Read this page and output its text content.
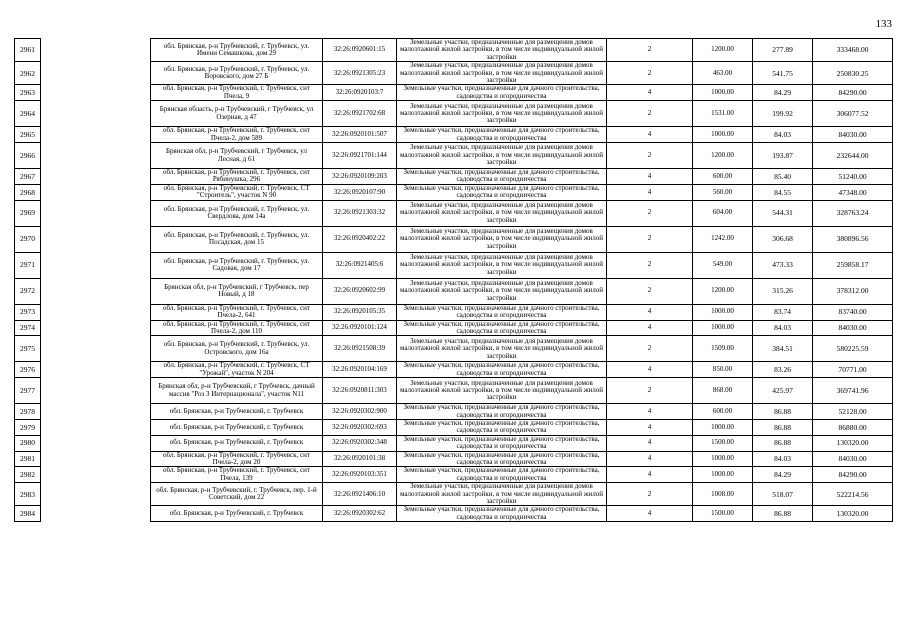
133
2961		обл. Брянская, р-н Трубчевский, г. Трубчевск, ул. Имени Семашкова, дом 29	32:26:0920601:15	Земельные участки, предназначенные для размещения домов малоэтажной жилой застройки, в том числе индивидуальной жилой застройки	2	1200.00	277.89	333468.00
2962		обл. Брянская, р-н Трубчевский, г. Трубчевск, ул. Воровского, дом 27 Б	32:26:0921305:23	Земельные участки, предназначенные для размещения домов малоэтажной жилой застройки, в том числе индивидуальной жилой застройки	2	463.00	541.75	250830.25
2963		обл. Брянская, р-н Трубчевский, г. Трубчевск, снт Пчела, 9	32:26:0920103:7	Земельные участки, предназначенные для дачного строительства, садоводства и огородничества	4	1000.00	84.29	84290.00
2964		Брянская область, р-н Трубчевский, г Трубчевск, ул Озерная, д 47	32:26:0921702:68	Земельные участки, предназначенные для размещения домов малоэтажной жилой застройки, в том числе индивидуальной жилой застройки	2	1531.00	199.92	306077.52
2965		обл. Брянская, р-н Трубчевский, г. Трубчевск, снт Пчела-2, дом 589	32:26:0920101:507	Земельные участки, предназначенные для дачного строительства, садоводства и огородничества	4	1000.00	84.03	84030.00
2966		Брянская обл, р-н Трубчевский, г Трубчевск, ул Лесная, д 61	32:26:0921701:144	Земельные участки, предназначенные для размещения домов малоэтажной жилой застройки, в том числе индивидуальной жилой застройки	2	1200.00	193.87	232644.00
2967		обл. Брянская, р-н Трубчевский, г. Трубчевск, снт Рябинушка, 296	32:26:0920109:203	Земельные участки, предназначенные для дачного строительства, садоводства и огородничества	4	600.00	85.40	51240.00
2968		обл. Брянская, р-н Трубчевский, г. Трубчевск, СТ "Строитель", участок N 90	32:26:0920107:90	Земельные участки, предназначенные для дачного строительства, садоводства и огородничества	4	560.00	84.55	47348.00
2969		обл. Брянская, р-н Трубчевский, г. Трубчевск, ул. Свердлова, дом 14а	32:26:0921303:32	Земельные участки, предназначенные для размещения домов малоэтажной жилой застройки, в том числе индивидуальной жилой застройки	2	604.00	544.31	328763.24
2970		обл. Брянская, р-н Трубчевский, г. Трубчевск, ул. Посадская, дом 15	32:26:0920402:22	Земельные участки, предназначенные для размещения домов малоэтажной жилой застройки, в том числе индивидуальной жилой застройки	2	1242.00	306.68	380896.56
2971		обл. Брянская, р-н Трубчевский, г. Трубчевск, ул. Садовая, дом 17	32:26:0921405:6	Земельные участки, предназначенные для размещения домов малоэтажной жилой застройки, в том числе индивидуальной жилой застройки	2	549.00	473.33	259858.17
2972		Брянская обл, р-н Трубчевский, г Трубчевск, пер Новый, д 18	32:26:0920602:99	Земельные участки, предназначенные для размещения домов малоэтажной жилой застройки, в том числе индивидуальной жилой застройки	2	1200.00	315.26	378312.00
2973		обл. Брянская, р-н Трубчевский, г. Трубчевск, снт Пчела-2, 641	32:26:0920105:35	Земельные участки, предназначенные для дачного строительства, садоводства и огородничества	4	1000.00	83.74	83740.00
2974		обл. Брянская, р-н Трубчевский, г. Трубчевск, снт Пчела-2, дом 110	32:26:0920101:124	Земельные участки, предназначенные для дачного строительства, садоводства и огородничества	4	1000.00	84.03	84030.00
2975		обл. Брянская, р-н Трубчевский, г. Трубчевск, ул. Островского, дом 16а	32:26:0921508:39	Земельные участки, предназначенные для размещения домов малоэтажной жилой застройки, в том числе индивидуальной жилой застройки	2	1509.00	384.51	580225.59
2976		обл. Брянская, р-н Трубчевский, г. Трубчевск, СТ "Урожай", участок N 204	32:26:0920104:169	Земельные участки, предназначенные для дачного строительства, садоводства и огородничества	4	850.00	83.26	70771.00
2977		Брянская обл, р-н Трубчевский, г Трубчевск, дачный массив "Роз 3 Интернационала", участок N11	32:26:0920811:303	Земельные участки, предназначенные для размещения домов малоэтажной жилой застройки, в том числе индивидуальной жилой застройки	2	868.00	425.97	369741.96
2978		обл. Брянская, р-н Трубчевский, г. Трубчевск	32:26:0920302:900	Земельные участки, предназначенные для дачного строительства, садоводства и огородничества	4	600.00	86.88	52128.00
2979		обл. Брянская, р-н Трубчевский, г. Трубчевск	32:26:0920302:693	Земельные участки, предназначенные для дачного строительства, садоводства и огородничества	4	1000.00	86.88	86880.00
2980		обл. Брянская, р-н Трубчевский, г. Трубчевск	32:26:0920302:348	Земельные участки, предназначенные для дачного строительства, садоводства и огородничества	4	1500.00	86.88	130320.00
2981		обл. Брянская, р-н Трубчевский, г. Трубчевск, снт Пчела-2, дом 20	32:26:0920101:38	Земельные участки, предназначенные для дачного строительства, садоводства и огородничества	4	1000.00	84.03	84030.00
2982		обл. Брянская, р-н Трубчевский, г. Трубчевск, снт Пчела, 139	32:26:0920103:351	Земельные участки, предназначенные для дачного строительства, садоводства и огородничества	4	1000.00	84.29	84290.00
2983		обл. Брянская, р-н Трубчевский, г. Трубчевск, пер. 1-й Советский, дом 22	32:26:0921406:10	Земельные участки, предназначенные для размещения домов малоэтажной жилой застройки, в том числе индивидуальной жилой застройки	2	1008.00	518.07	522214.56
2984		обл. Брянская, р-н Трубчевский, г. Трубчевск	32:26:0920302:62	Земельные участки, предназначенные для дачного строительства, садоводства и огородничества	4	1500.00	86.88	130320.00
